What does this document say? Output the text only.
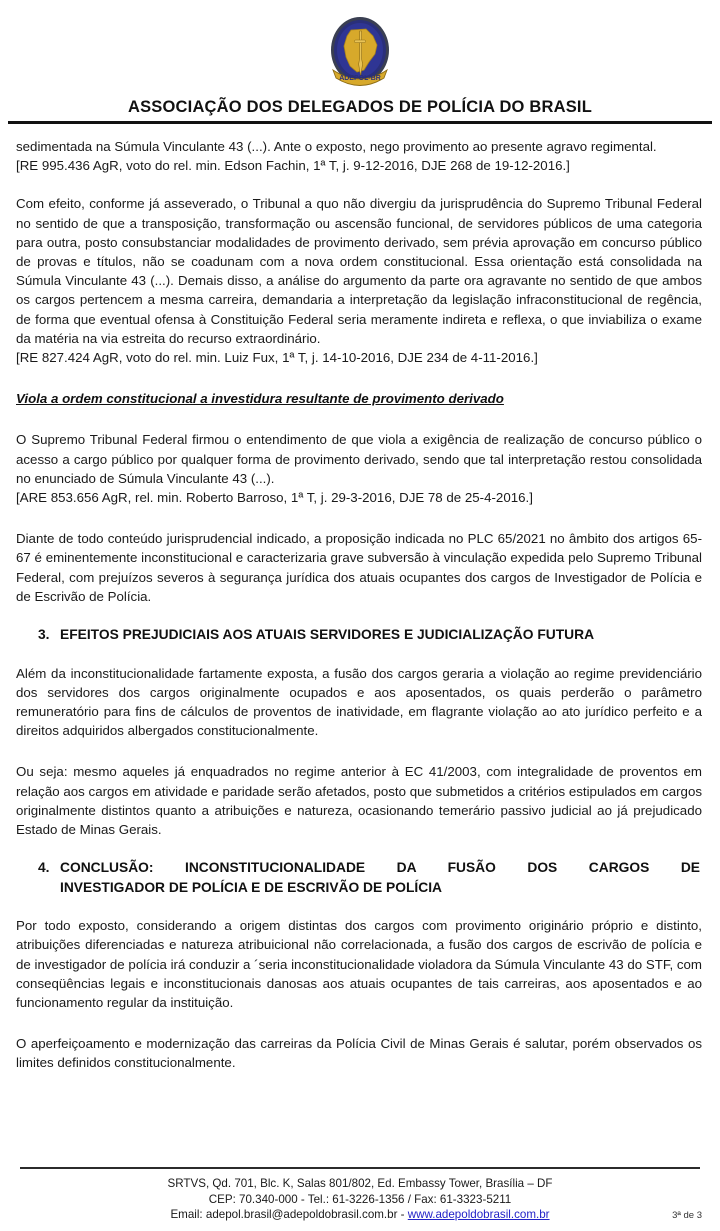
ADEPOL-BR
ASSOCIAÇÃO DOS DELEGADOS DE POLÍCIA DO BRASIL

sedimentada na Súmula Vinculante 43 (...). Ante o exposto, nego provimento ao presente agravo regimental.

[RE 995.436 AgR, voto do rel. min. Edson Fachin, 1ª T, j. 9-12-2016, DJE 268 de 19-12-2016.]

Com efeito, conforme já asseverado, o Tribunal a quo não divergiu da jurisprudência do Supremo Tribunal Federal no sentido de que a transposição, transformação ou ascensão funcional, de servidores públicos de uma categoria para outra, posto consubstanciar modalidades de provimento derivado, sem prévia aprovação em concurso público de provas e títulos, não se coadunam com a nova ordem constitucional. Essa orientação está consolidada na Súmula Vinculante 43 (...). Demais disso, a análise do argumento da parte ora agravante no sentido de que ambos os cargos pertencem a mesma carreira, demandaria a interpretação da legislação infraconstitucional de regência, de forma que eventual ofensa à Constituição Federal seria meramente indireta e reflexa, o que inviabiliza o exame da matéria na via estreita do recurso extraordinário.

[RE 827.424 AgR, voto do rel. min. Luiz Fux, 1ª T, j. 14-10-2016, DJE 234 de 4-11-2016.]

Viola a ordem constitucional a investidura resultante de provimento derivado

O Supremo Tribunal Federal firmou o entendimento de que viola a exigência de realização de concurso público o acesso a cargo público por qualquer forma de provimento derivado, sendo que tal interpretação restou consolidada no enunciado de Súmula Vinculante 43 (...).

[ARE 853.656 AgR, rel. min. Roberto Barroso, 1ª T, j. 29-3-2016, DJE 78 de 25-4-2016.]

Diante de todo conteúdo jurisprudencial indicado, a proposição indicada no PLC 65/2021 no âmbito dos artigos 65-67 é eminentemente inconstitucional e caracterizaria grave subversão à vinculação expedida pelo Supremo Tribunal Federal, com prejuízos severos à segurança jurídica dos atuais ocupantes dos cargos de Investigador de Polícia e de Escrivão de Polícia.

3. EFEITOS PREJUDICIAIS AOS ATUAIS SERVIDORES E JUDICIALIZAÇÃO FUTURA

Além da inconstitucionalidade fartamente exposta, a fusão dos cargos geraria a violação ao regime previdenciário dos servidores dos cargos originalmente ocupados e aos aposentados, os quais perderão o parâmetro remuneratório para fins de cálculos de proventos de inatividade, em flagrante violação ao ato jurídico perfeito e a direitos adquiridos albergados constitucionalmente.

Ou seja: mesmo aqueles já enquadrados no regime anterior à EC 41/2003, com integralidade de proventos em relação aos cargos em atividade e paridade serão afetados, posto que submetidos a critérios estipulados em cargos originalmente distintos quanto a atribuições e natureza, ocasionando temerário passivo judicial ao já prejudicado Estado de Minas Gerais.

4. CONCLUSÃO: INCONSTITUCIONALIDADE DA FUSÃO DOS CARGOS DE
INVESTIGADOR DE POLÍCIA E DE ESCRIVÃO DE POLÍCIA

Por todo exposto, considerando a origem distintas dos cargos com provimento originário próprio e distinto, atribuições diferenciadas e natureza atribuicional não correlacionada, a fusão dos cargos de escrivão de polícia e de investigador de polícia irá conduzir a ´seria inconstitucionalidade violadora da Súmula Vinculante 43 do STF, com conseqüências legais e inconstitucionais danosas aos atuais ocupantes de tais carreiras, aos aposentados e ao funcionamento regular da instituição.

O aperfeiçoamento e modernização das carreiras da Polícia Civil de Minas Gerais é salutar, porém observados os limites definidos constitucionalmente.

SRTVS, Qd. 701, Blc. K, Salas 801/802, Ed. Embassy Tower, Brasília – DF
CEP: 70.340-000 - Tel.: 61-3226-1356 / Fax: 61-3323-5211
Email: adepol.brasil@adepoldobrasil.com.br - www.adepoldobrasil.com.br	3ª de 3
